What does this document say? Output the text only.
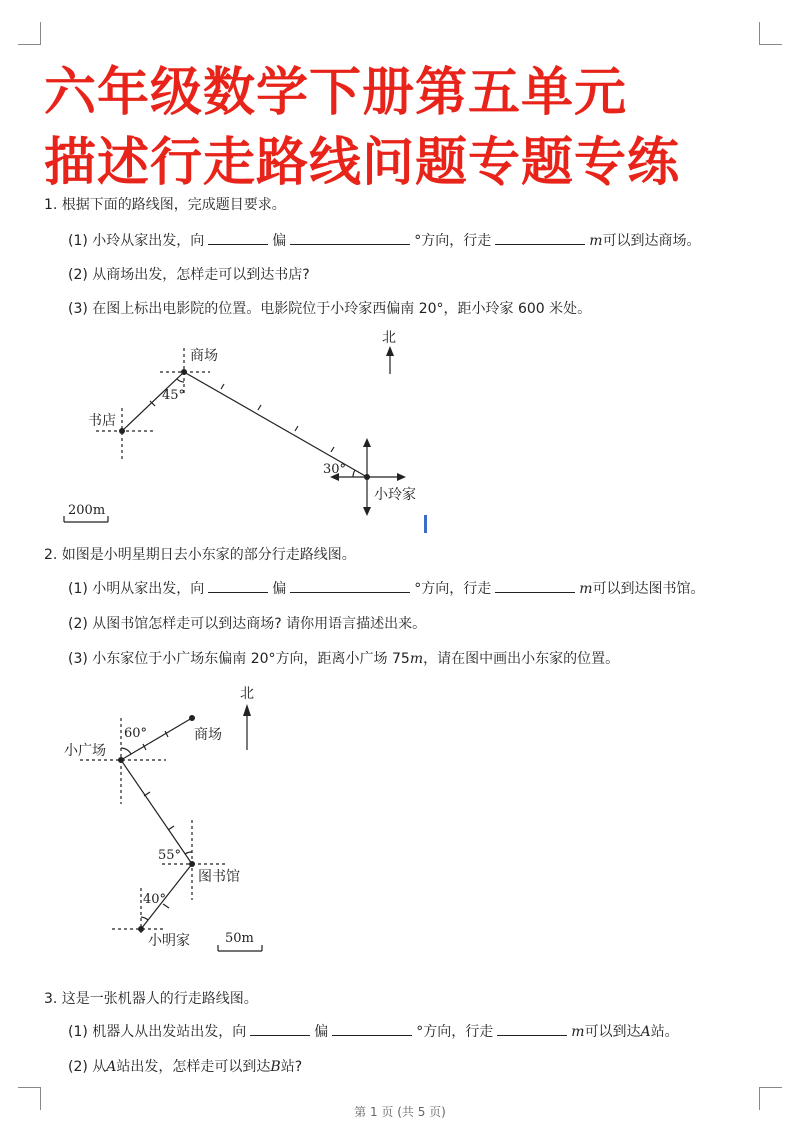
六年级数学下册第五单元
描述行走路线问题专题专练
1. 根据下面的路线图，完成题目要求。
(1) 小玲从家出发，向	偏	°方向，行走	m可以到达商场。
(2) 从商场出发，怎样走可以到达书店?
(3) 在图上标出电影院的位置。电影院位于小玲家西偏南 20°，距小玲家 600 米处。
2. 如图是小明星期日去小东家的部分行走路线图。
(1) 小明从家出发，向	偏	°方向，行走	m可以到达图书馆。
(2) 从图书馆怎样走可以到达商场? 请你用语言描述出来。
(3) 小东家位于小广场东偏南 20°方向，距离小广场 75m，请在图中画出小东家的位置。
3. 这是一张机器人的行走路线图。
(1) 机器人从出发站出发，向	偏	°方向，行走	m可以到达A站。
(2) 从A站出发，怎样走可以到达B站?
北
商场
书店
小玲家
45°
30°
200m
北
小广场
商场
图书馆
小明家
60°
55°
40°
50m
第 1 页 (共 5 页)
